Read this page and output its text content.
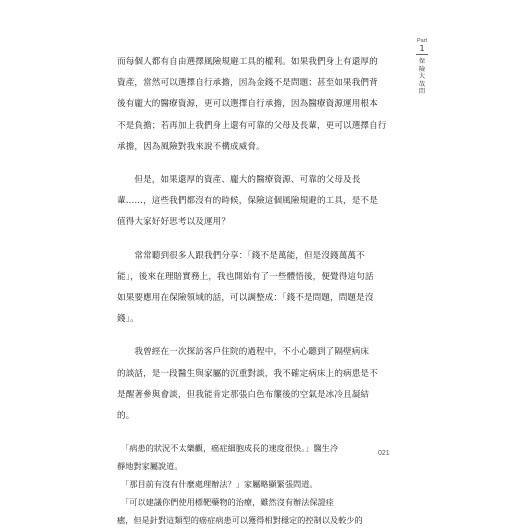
而每個人都有自由選擇風險規避工具的權利。如果我們身上有還厚的

資產，當然可以選擇自行承擔，因為金錢不是問題；甚至如果我們背

後有龐大的醫療資源，更可以選擇自行承擔，因為醫療資源運用根本

不是負擔；若再加上我們身上還有可靠的父母及長輩，更可以選擇自行

承擔，因為風險對我來說不構成威脅。

　　但是，如果還厚的資產、龐大的醫療資源、可靠的父母及長

輩……，這些我們都沒有的時候，保險這個風險規避的工具，是不是

值得大家好好思考以及運用？

　　常常聽到很多人跟我們分享：「錢不是萬能，但是沒錢萬萬不

能」，後來在理賠實務上，我也開始有了一些體悟後，便覺得這句話

如果要應用在保險領域的話，可以調整成：「錢不是問題，問題是沒

錢」。

　　我曾經在一次探訪客戶住院的過程中，不小心聽到了隔壁病床

的談話，是一段醫生與家屬的沉重對談，我不確定病床上的病患是不

是醒著參與會談，但我能肯定那張白色布簾後的空氣是冰冷且凝結

的。

　「病患的狀況不太樂觀，癌症細胞成長的速度很快。」醫生冷

靜地對家屬說道。

　「那目前有沒有什麼處理辦法？」家屬略顯緊張問道。

　「可以建議你們使用標靶藥物的治療，雖然沒有辦法保證痊

癒，但是針對這類型的癌症病患可以獲得相對穩定的控制以及較少的

Part
1
保
險
大
哉
問
021
